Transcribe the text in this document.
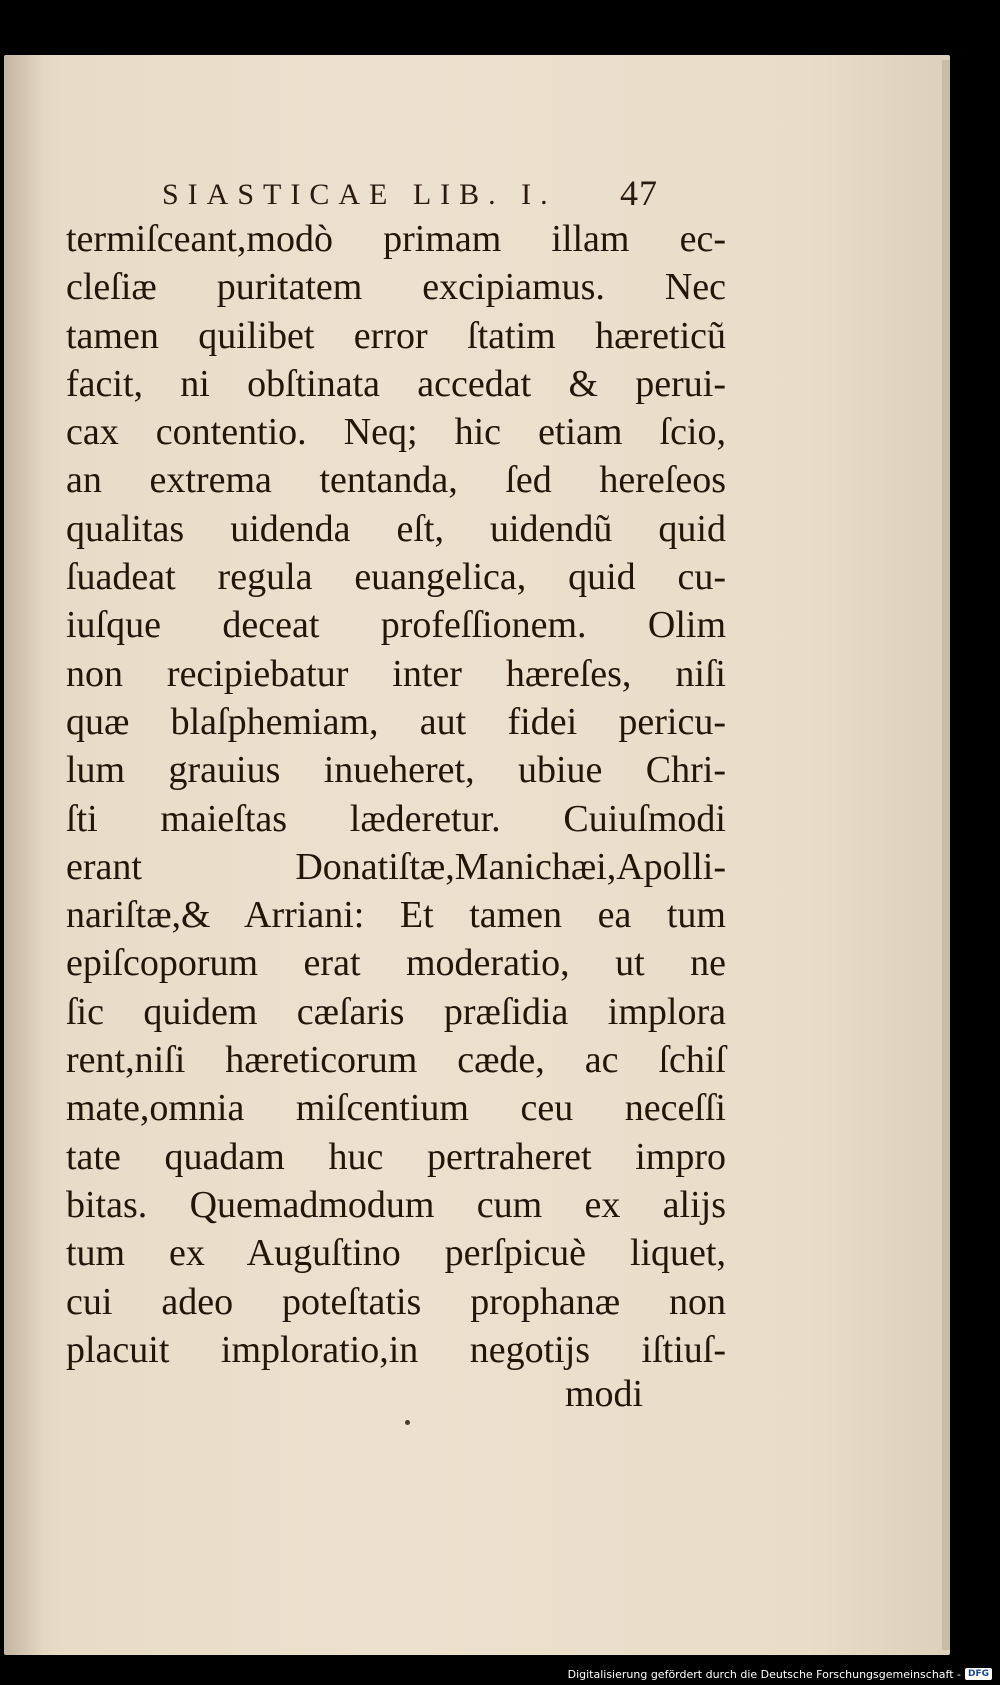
SIASTICAE LIB. I. 47
termiſceant,modò primam illam ec-
cleſiæ puritatem excipiamus. Nec
tamen quilibet error ſtatim hæreticũ
facit, ni obſtinata accedat & perui-
cax contentio. Neq; hic etiam ſcio,
an extrema tentanda, ſed hereſeos
qualitas uidenda eſt, uidendũ quid
ſuadeat regula euangelica, quid cu-
iuſque deceat profeſſionem. Olim
non recipiebatur inter hæreſes, niſi
quæ blaſphemiam, aut fidei pericu-
lum grauius inueheret, ubiue Chri-
ſti maieſtas læderetur. Cuiuſmodi
erant Donatiſtæ,Manichæi,Apolli-
nariſtæ,& Arriani: Et tamen ea tum
epiſcoporum erat moderatio, ut ne
ſic quidem cæſaris præſidia implora
rent,niſi hæreticorum cæde, ac ſchiſ
mate,omnia miſcentium ceu neceſſi
tate quadam huc pertraheret impro
bitas. Quemadmodum cum ex alijs
tum ex Auguſtino perſpicuè liquet,
cui adeo poteſtatis prophanæ non
placuit imploratio,in negotijs iſtiuſ-
modi
Digitalisierung gefördert durch die Deutsche Forschungsgemeinschaft - DFG
